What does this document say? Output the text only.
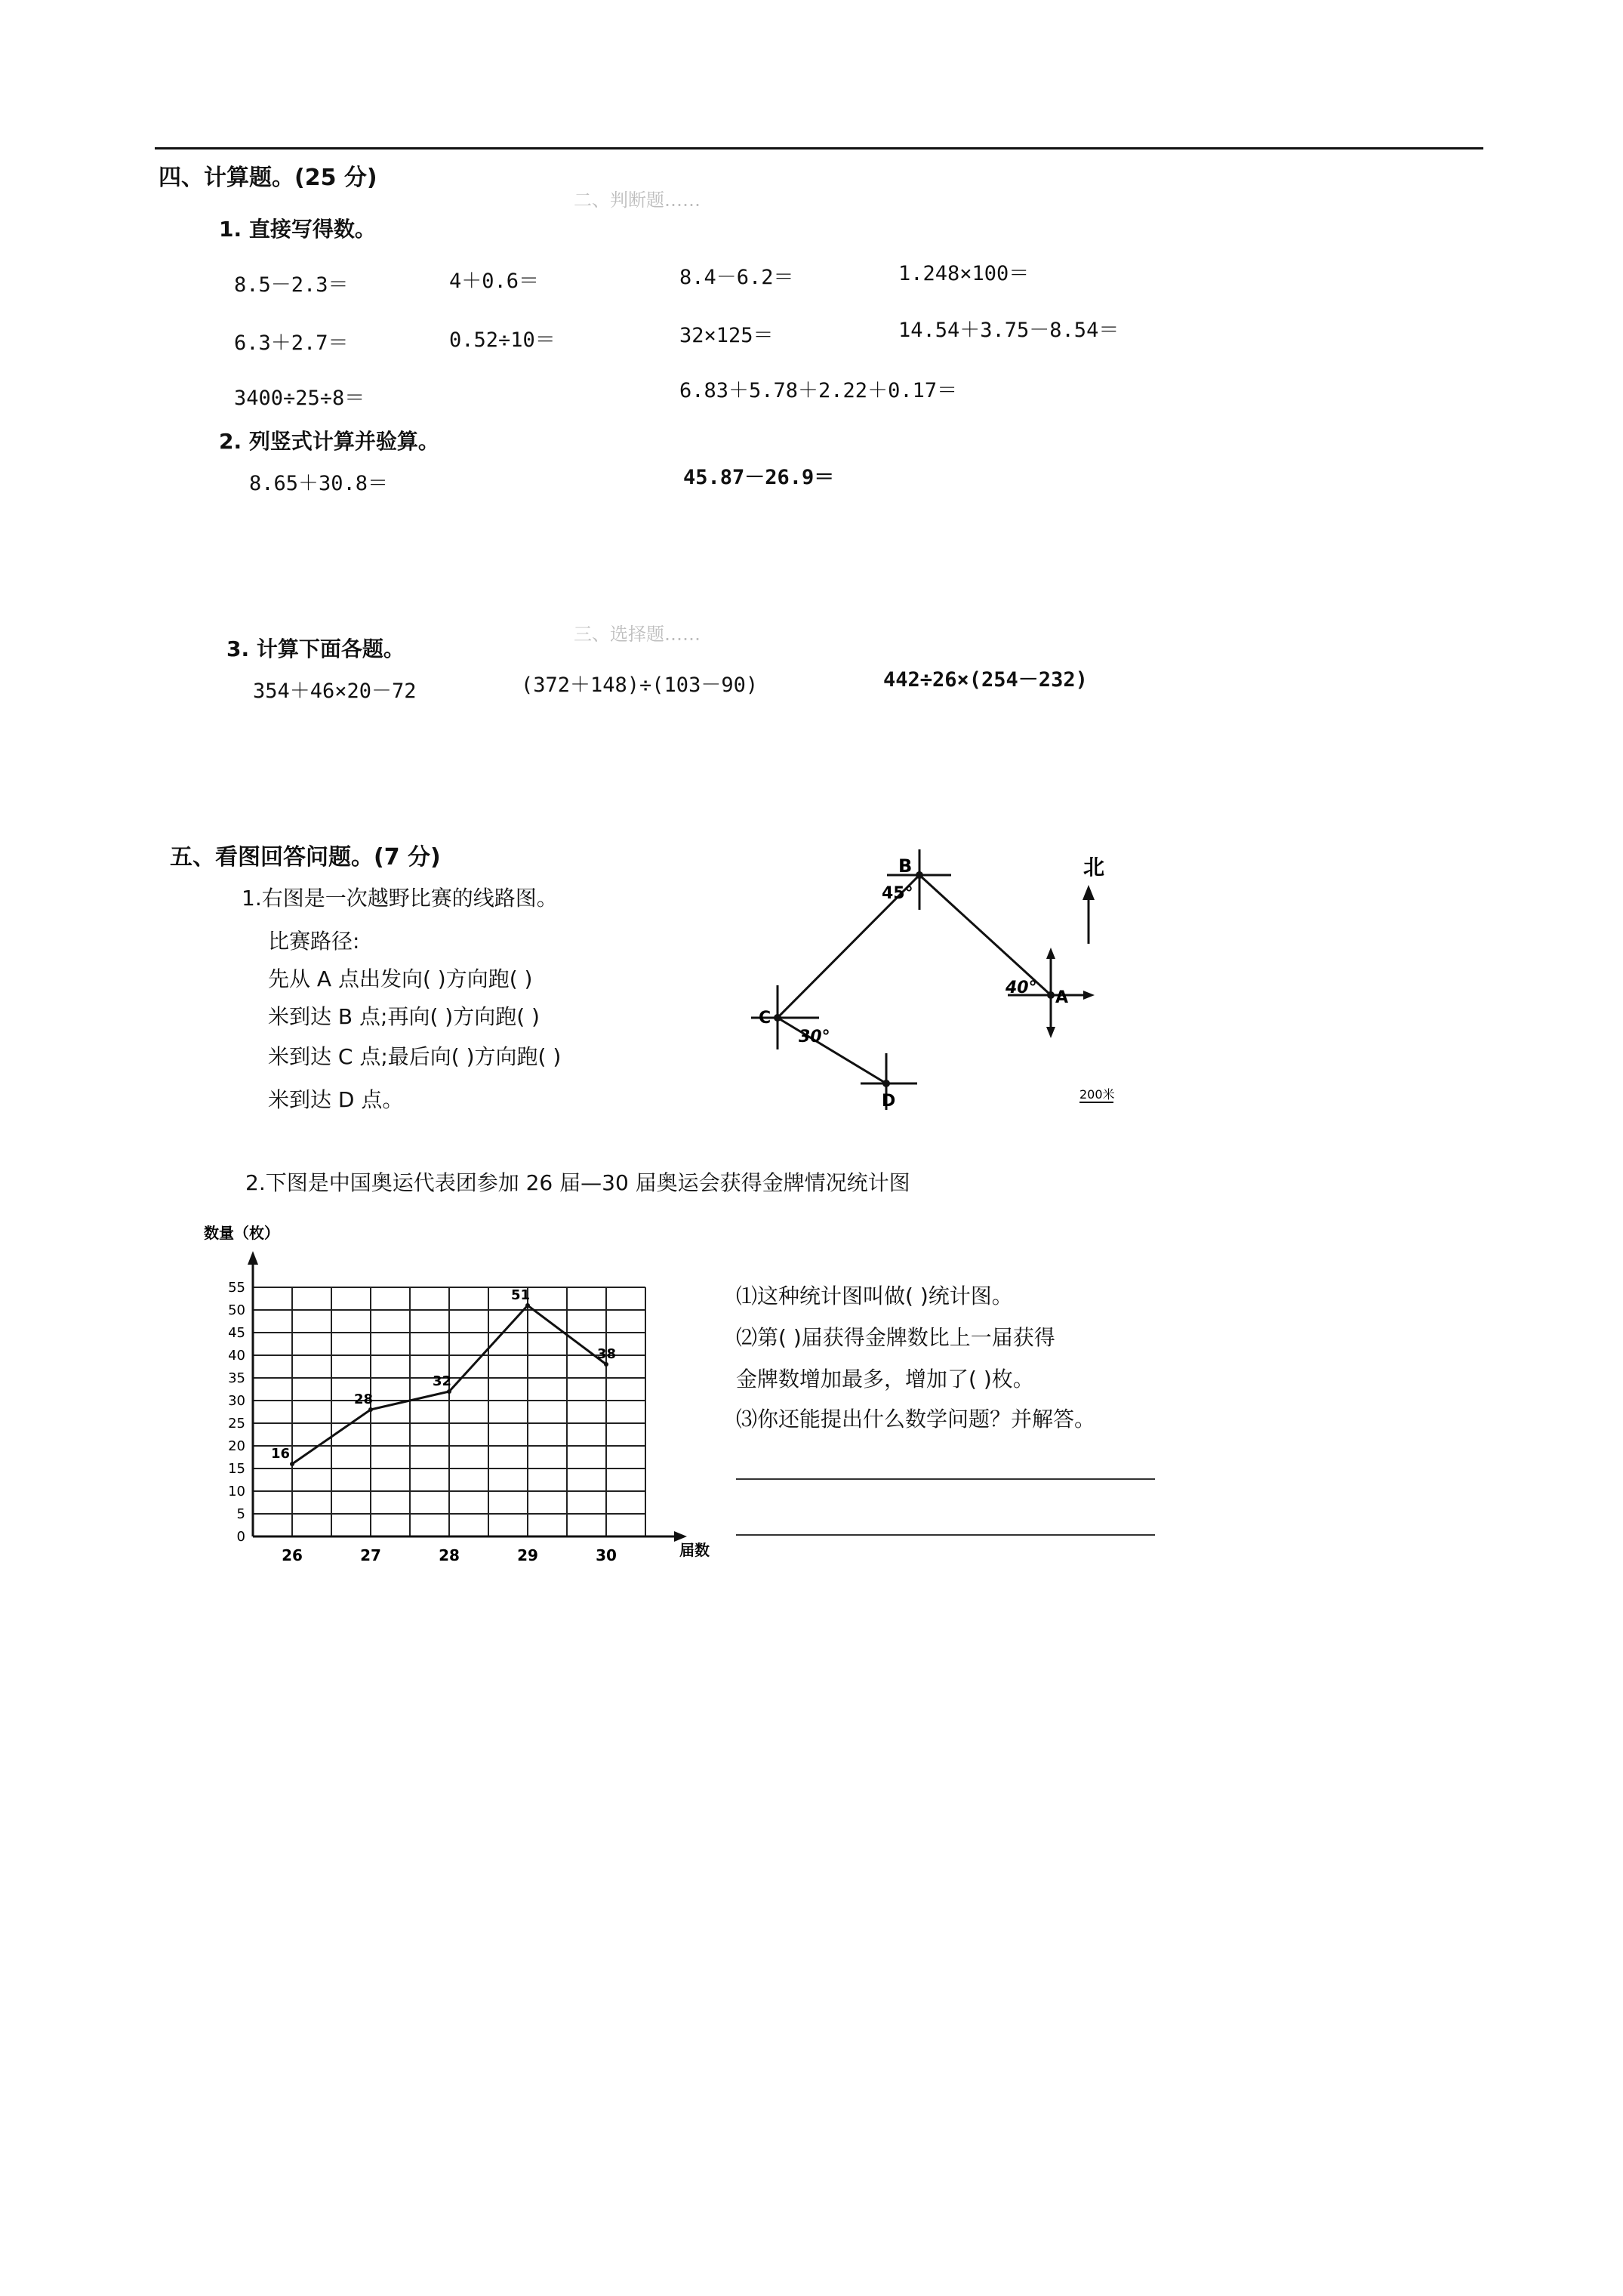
二、判断题……
三、选择题……
四、计算题。(25 分)
1. 直接写得数。
8.5－2.3＝	4＋0.6＝	8.4－6.2＝	1.248×100＝
6.3＋2.7＝	0.52÷10＝	32×125＝	14.54＋3.75－8.54＝
3400÷25÷8＝	6.83＋5.78＋2.22＋0.17＝
2. 列竖式计算并验算。
8.65＋30.8＝	45.87－26.9＝
3. 计算下面各题。
354＋46×20－72	(372＋148)÷(103－90)	442÷26×(254－232)
五、看图回答问题。(7 分)
1.右图是一次越野比赛的线路图。
比赛路径:
先从 A 点出发向( )方向跑( )
米到达 B 点;再向( )方向跑( )
米到达 C 点;最后向( )方向跑( )
米到达 D 点。
北
A
B
C
D
45°
40°
30°
200米
2.下图是中国奥运代表团参加 26 届—30 届奥运会获得金牌情况统计图
0
5
10
15
20
25
30
35
40
45
50
55
26	27	28	29	30
16
28
32
51
38
数量（枚）
届数
⑴这种统计图叫做( )统计图。
⑵第( )届获得金牌数比上一届获得
金牌数增加最多，增加了( )枚。
⑶你还能提出什么数学问题？并解答。
